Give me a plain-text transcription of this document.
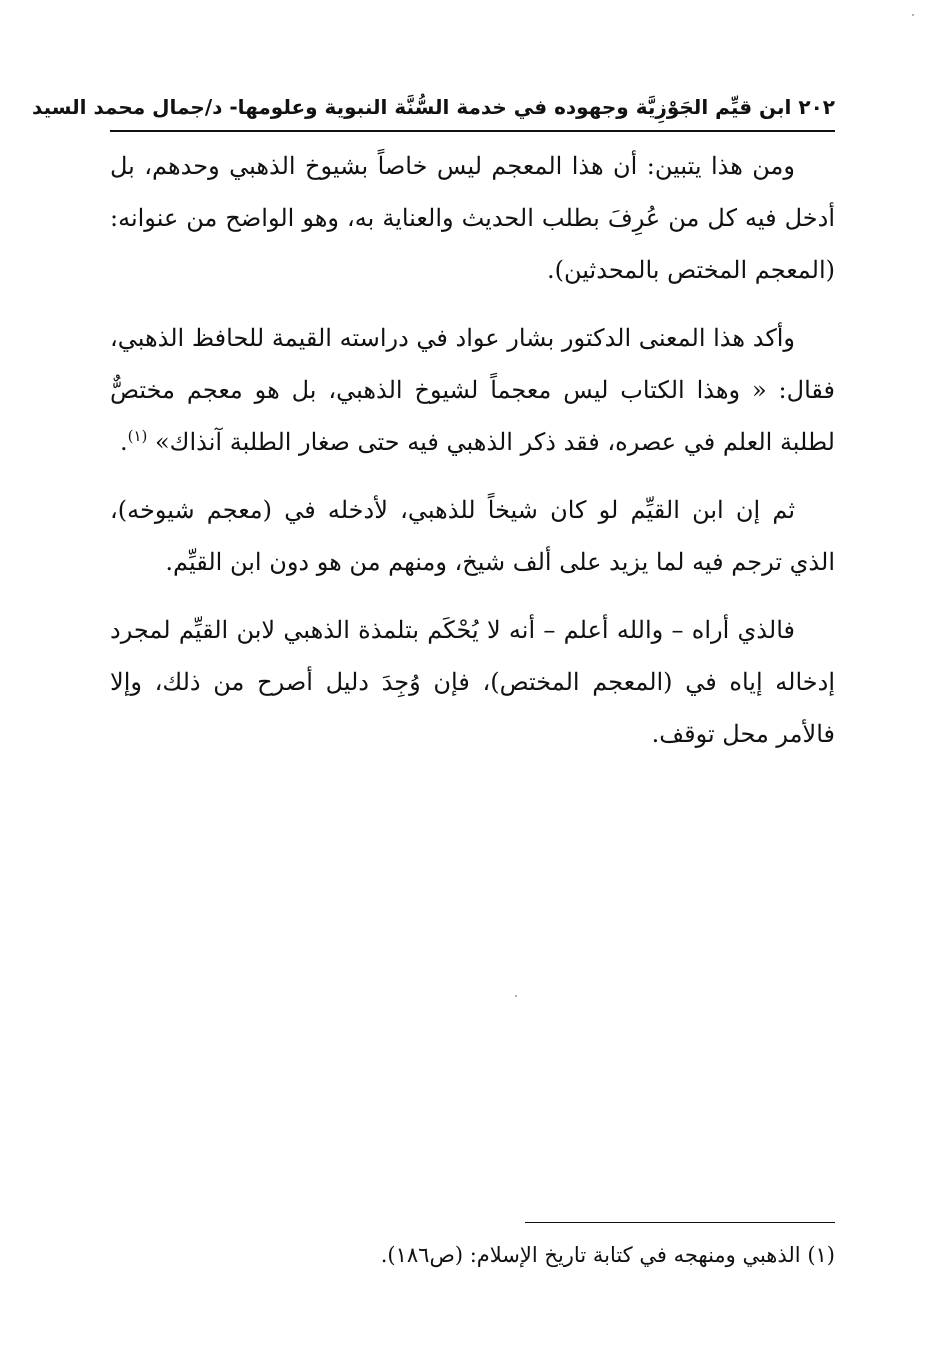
٢٠٢ ابن قيِّم الجَوْزِيَّة وجهوده في خدمة السُّنَّة النبوية وعلومها- د/جمال محمد السيد

ومن هذا يتبين: أن هذا المعجم ليس خاصاً بشيوخ الذهبي وحدهم، بل أدخل فيه كل من عُرِفَ بطلب الحديث والعناية به، وهو الواضح من عنوانه: (المعجم المختص بالمحدثين).

وأكد هذا المعنى الدكتور بشار عواد في دراسته القيمة للحافظ الذهبي، فقال: « وهذا الكتاب ليس معجماً لشيوخ الذهبي، بل هو معجم مختصٌّ لطلبة العلم في عصره، فقد ذكر الذهبي فيه حتى صغار الطلبة آنذاك» $^{(١)}$.

ثم إن ابن القيِّم لو كان شيخاً للذهبي، لأدخله في (معجم شيوخه)، الذي ترجم فيه لما يزيد على ألف شيخ، ومنهم من هو دون ابن القيِّم.

فالذي أراه – والله أعلم – أنه لا يُحْكَم بتلمذة الذهبي لابن القيِّم لمجرد إدخاله إياه في (المعجم المختص)، فإن وُجِدَ دليل أصرح من ذلك، وإلا فالأمر محل توقف.

(١) الذهبي ومنهجه في كتابة تاريخ الإسلام: (ص١٨٦).
